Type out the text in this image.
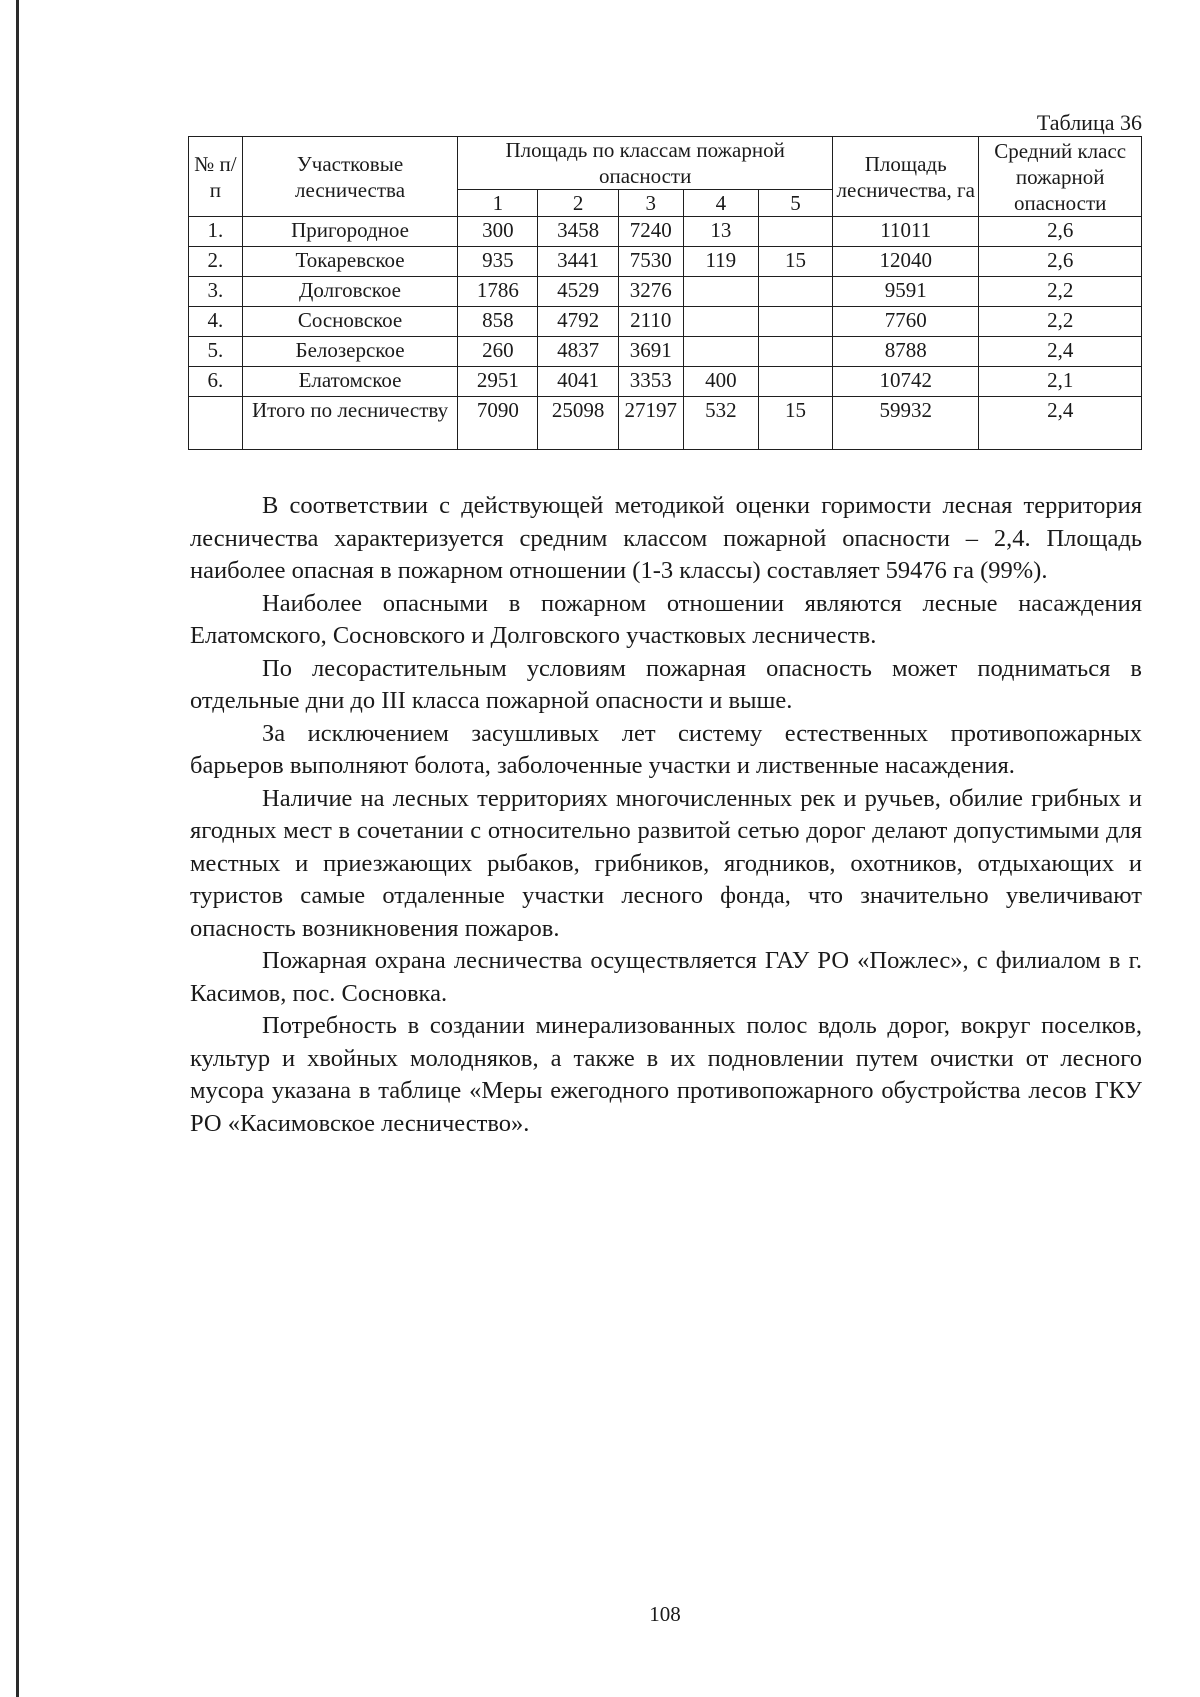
Таблица 36
№ п/п	Участковые лесничества	Площадь по классам пожарной опасности					Площадь лесничества, га	Средний класс пожарной опасности
		1	2	3	4	5		
1.	Пригородное	300	3458	7240	13		11011	2,6
2.	Токаревское	935	3441	7530	119	15	12040	2,6
3.	Долговское	1786	4529	3276			9591	2,2
4.	Сосновское	858	4792	2110			7760	2,2
5.	Белозерское	260	4837	3691			8788	2,4
6.	Елатомское	2951	4041	3353	400		10742	2,1
	Итого по лесничеству	7090	25098	27197	532	15	59932	2,4

В соответствии с действующей методикой оценки горимости лесная территория лесничества характеризуется средним классом пожарной опасности – 2,4. Площадь наиболее опасная в пожарном отношении (1-3 классы) составляет 59476 га (99%).

Наиболее опасными в пожарном отношении являются лесные насаждения Елатомского, Сосновского и Долговского участковых лесничеств.

По лесорастительным условиям пожарная опасность может подниматься в отдельные дни до III класса пожарной опасности и выше.

За исключением засушливых лет систему естественных противопожарных барьеров выполняют болота, заболоченные участки и лиственные насаждения.

Наличие на лесных территориях многочисленных рек и ручьев, обилие грибных и ягодных мест в сочетании с относительно развитой сетью дорог делают допустимыми для местных и приезжающих рыбаков, грибников, ягодников, охотников, отдыхающих и туристов самые отдаленные участки лесного фонда, что значительно увеличивают опасность возникновения пожаров.

Пожарная охрана лесничества осуществляется ГАУ РО «Пожлес», с филиалом в г. Касимов, пос. Сосновка.

Потребность в создании минерализованных полос вдоль дорог, вокруг поселков, культур и хвойных молодняков, а также в их подновлении путем очистки от лесного мусора указана в таблице «Меры ежегодного противопожарного обустройства лесов ГКУ РО «Касимовское лесничество».

108
